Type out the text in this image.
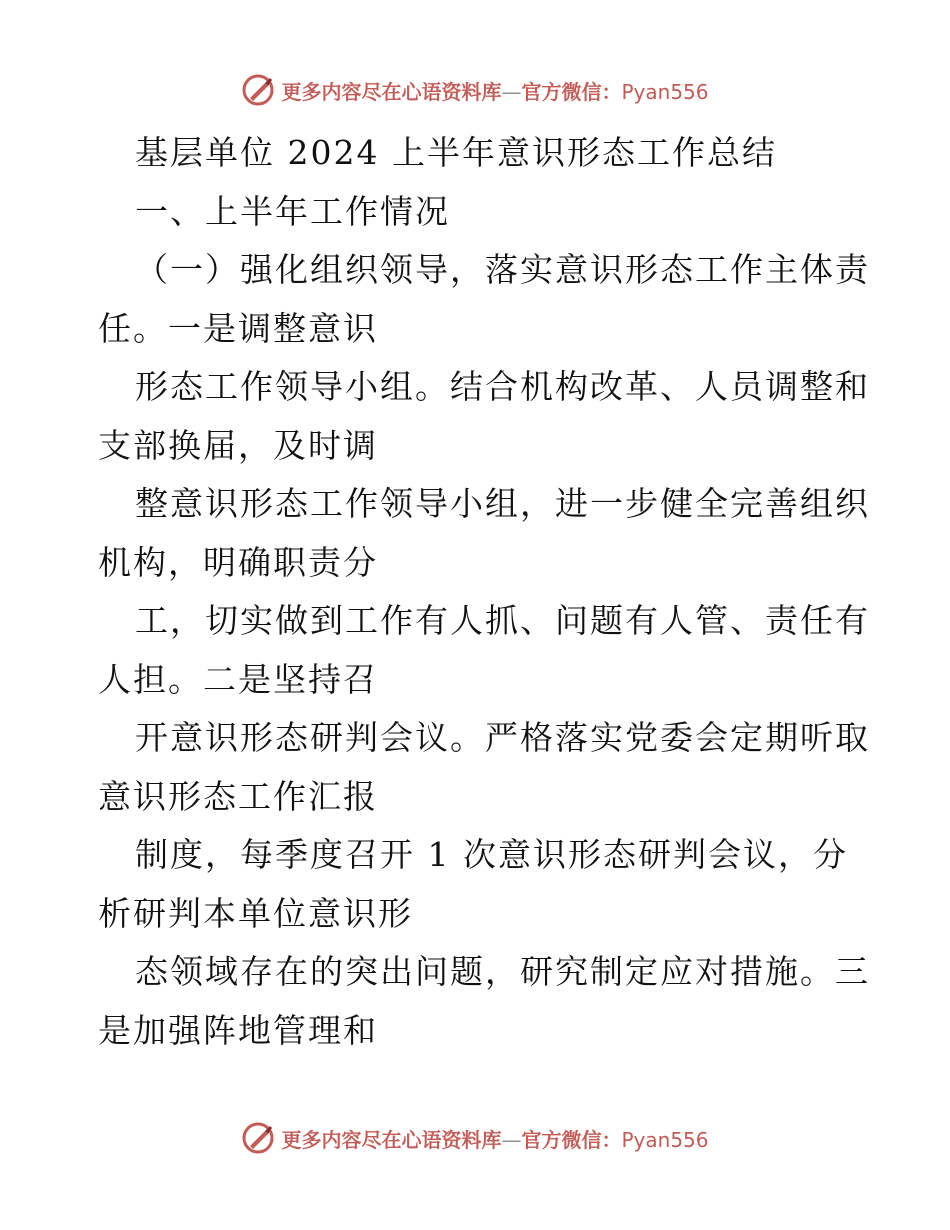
更多内容尽在心语资料库—官方微信：Pyan556
基层单位 2024 上半年意识形态工作总结
一、上半年工作情况
（一）强化组织领导，落实意识形态工作主体责
任。一是调整意识
形态工作领导小组。结合机构改革、人员调整和
支部换届，及时调
整意识形态工作领导小组，进一步健全完善组织
机构，明确职责分
工，切实做到工作有人抓、问题有人管、责任有
人担。二是坚持召
开意识形态研判会议。严格落实党委会定期听取
意识形态工作汇报
制度，每季度召开 1 次意识形态研判会议，分
析研判本单位意识形
态领域存在的突出问题，研究制定应对措施。三
是加强阵地管理和
更多内容尽在心语资料库—官方微信：Pyan556
